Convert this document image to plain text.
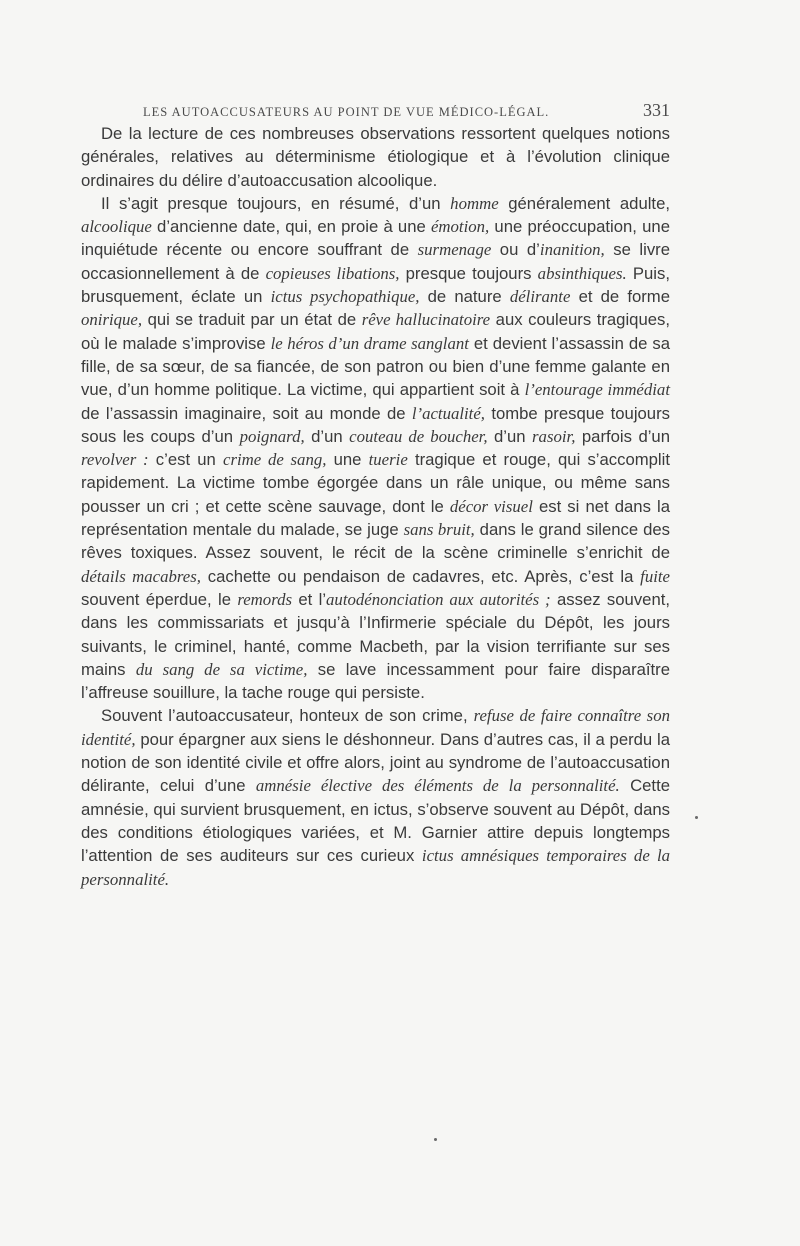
LES AUTOACCUSATEURS AU POINT DE VUE MÉDICO-LÉGAL.	331

De la lecture de ces nombreuses observations ressortent quelques notions générales, relatives au déterminisme étiologique et à l’évolution clinique ordinaires du délire d’autoaccusation alcoolique.

Il s’agit presque toujours, en résumé, d’un homme généralement adulte, alcoolique d’ancienne date, qui, en proie à une émotion, une préoccupation, une inquiétude récente ou encore souffrant de surmenage ou d’inanition, se livre occasionnellement à de copieuses libations, presque toujours absinthiques. Puis, brusquement, éclate un ictus psychopathique, de nature délirante et de forme onirique, qui se traduit par un état de rêve hallucinatoire aux couleurs tragiques, où le malade s’improvise le héros d’un drame sanglant et devient l’assassin de sa fille, de sa sœur, de sa fiancée, de son patron ou bien d’une femme galante en vue, d’un homme politique. La victime, qui appartient soit à l’entourage immédiat de l’assassin imaginaire, soit au monde de l’actualité, tombe presque toujours sous les coups d’un poignard, d’un couteau de boucher, d’un rasoir, parfois d’un revolver : c’est un crime de sang, une tuerie tragique et rouge, qui s’accomplit rapidement. La victime tombe égorgée dans un râle unique, ou même sans pousser un cri ; et cette scène sauvage, dont le décor visuel est si net dans la représentation mentale du malade, se juge sans bruit, dans le grand silence des rêves toxiques. Assez souvent, le récit de la scène criminelle s’enrichit de détails macabres, cachette ou pendaison de cadavres, etc. Après, c’est la fuite souvent éperdue, le remords et l’autodénonciation aux autorités ; assez souvent, dans les commissariats et jusqu’à l’Infirmerie spéciale du Dépôt, les jours suivants, le criminel, hanté, comme Macbeth, par la vision terrifiante sur ses mains du sang de sa victime, se lave incessamment pour faire disparaître l’affreuse souillure, la tache rouge qui persiste.

Souvent l’autoaccusateur, honteux de son crime, refuse de faire connaître son identité, pour épargner aux siens le déshonneur. Dans d’autres cas, il a perdu la notion de son identité civile et offre alors, joint au syndrome de l’autoaccusation délirante, celui d’une amnésie élective des éléments de la personnalité. Cette amnésie, qui survient brusquement, en ictus, s’observe souvent au Dépôt, dans des conditions étiologiques variées, et M. Garnier attire depuis longtemps l’attention de ses auditeurs sur ces curieux ictus amnésiques temporaires de la personnalité.
